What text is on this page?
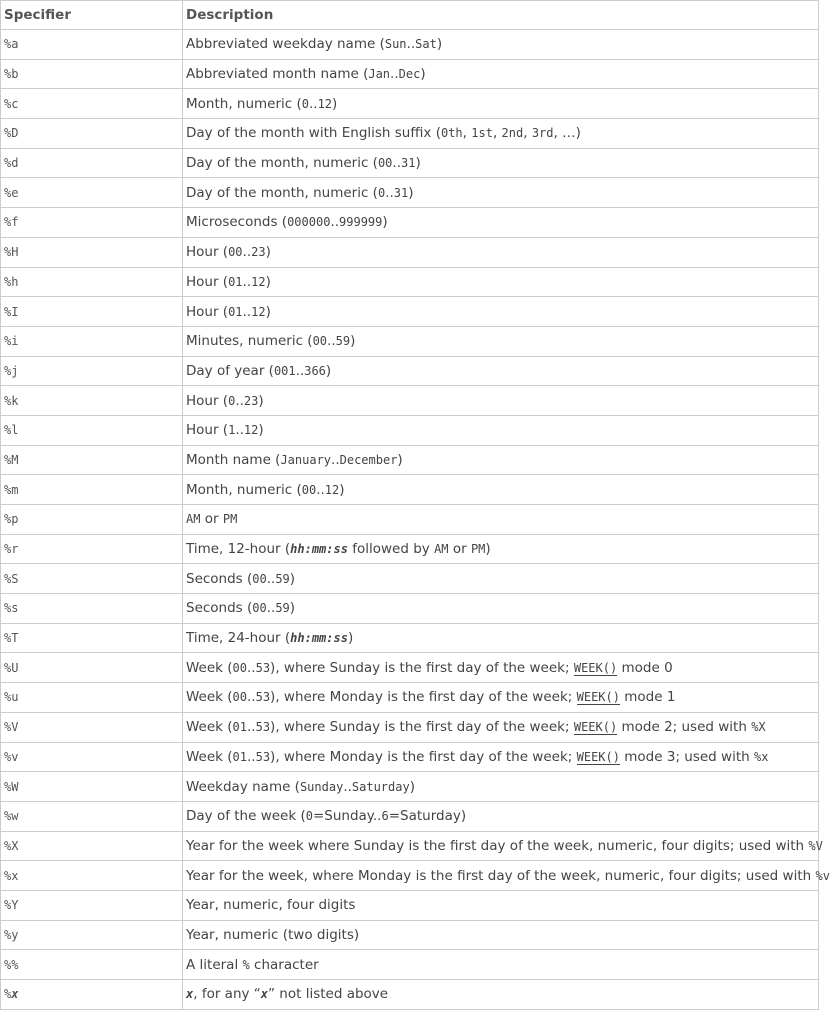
Specifier	Description
%a	Abbreviated weekday name (Sun..Sat)
%b	Abbreviated month name (Jan..Dec)
%c	Month, numeric (0..12)
%D	Day of the month with English suffix (0th, 1st, 2nd, 3rd, …)
%d	Day of the month, numeric (00..31)
%e	Day of the month, numeric (0..31)
%f	Microseconds (000000..999999)
%H	Hour (00..23)
%h	Hour (01..12)
%I	Hour (01..12)
%i	Minutes, numeric (00..59)
%j	Day of year (001..366)
%k	Hour (0..23)
%l	Hour (1..12)
%M	Month name (January..December)
%m	Month, numeric (00..12)
%p	AM or PM
%r	Time, 12-hour (hh:mm:ss followed by AM or PM)
%S	Seconds (00..59)
%s	Seconds (00..59)
%T	Time, 24-hour (hh:mm:ss)
%U	Week (00..53), where Sunday is the first day of the week; WEEK() mode 0
%u	Week (00..53), where Monday is the first day of the week; WEEK() mode 1
%V	Week (01..53), where Sunday is the first day of the week; WEEK() mode 2; used with %X
%v	Week (01..53), where Monday is the first day of the week; WEEK() mode 3; used with %x
%W	Weekday name (Sunday..Saturday)
%w	Day of the week (0=Sunday..6=Saturday)
%X	Year for the week where Sunday is the first day of the week, numeric, four digits; used with %V
%x	Year for the week, where Monday is the first day of the week, numeric, four digits; used with %v
%Y	Year, numeric, four digits
%y	Year, numeric (two digits)
%%	A literal % character
%x	x, for any “x” not listed above
